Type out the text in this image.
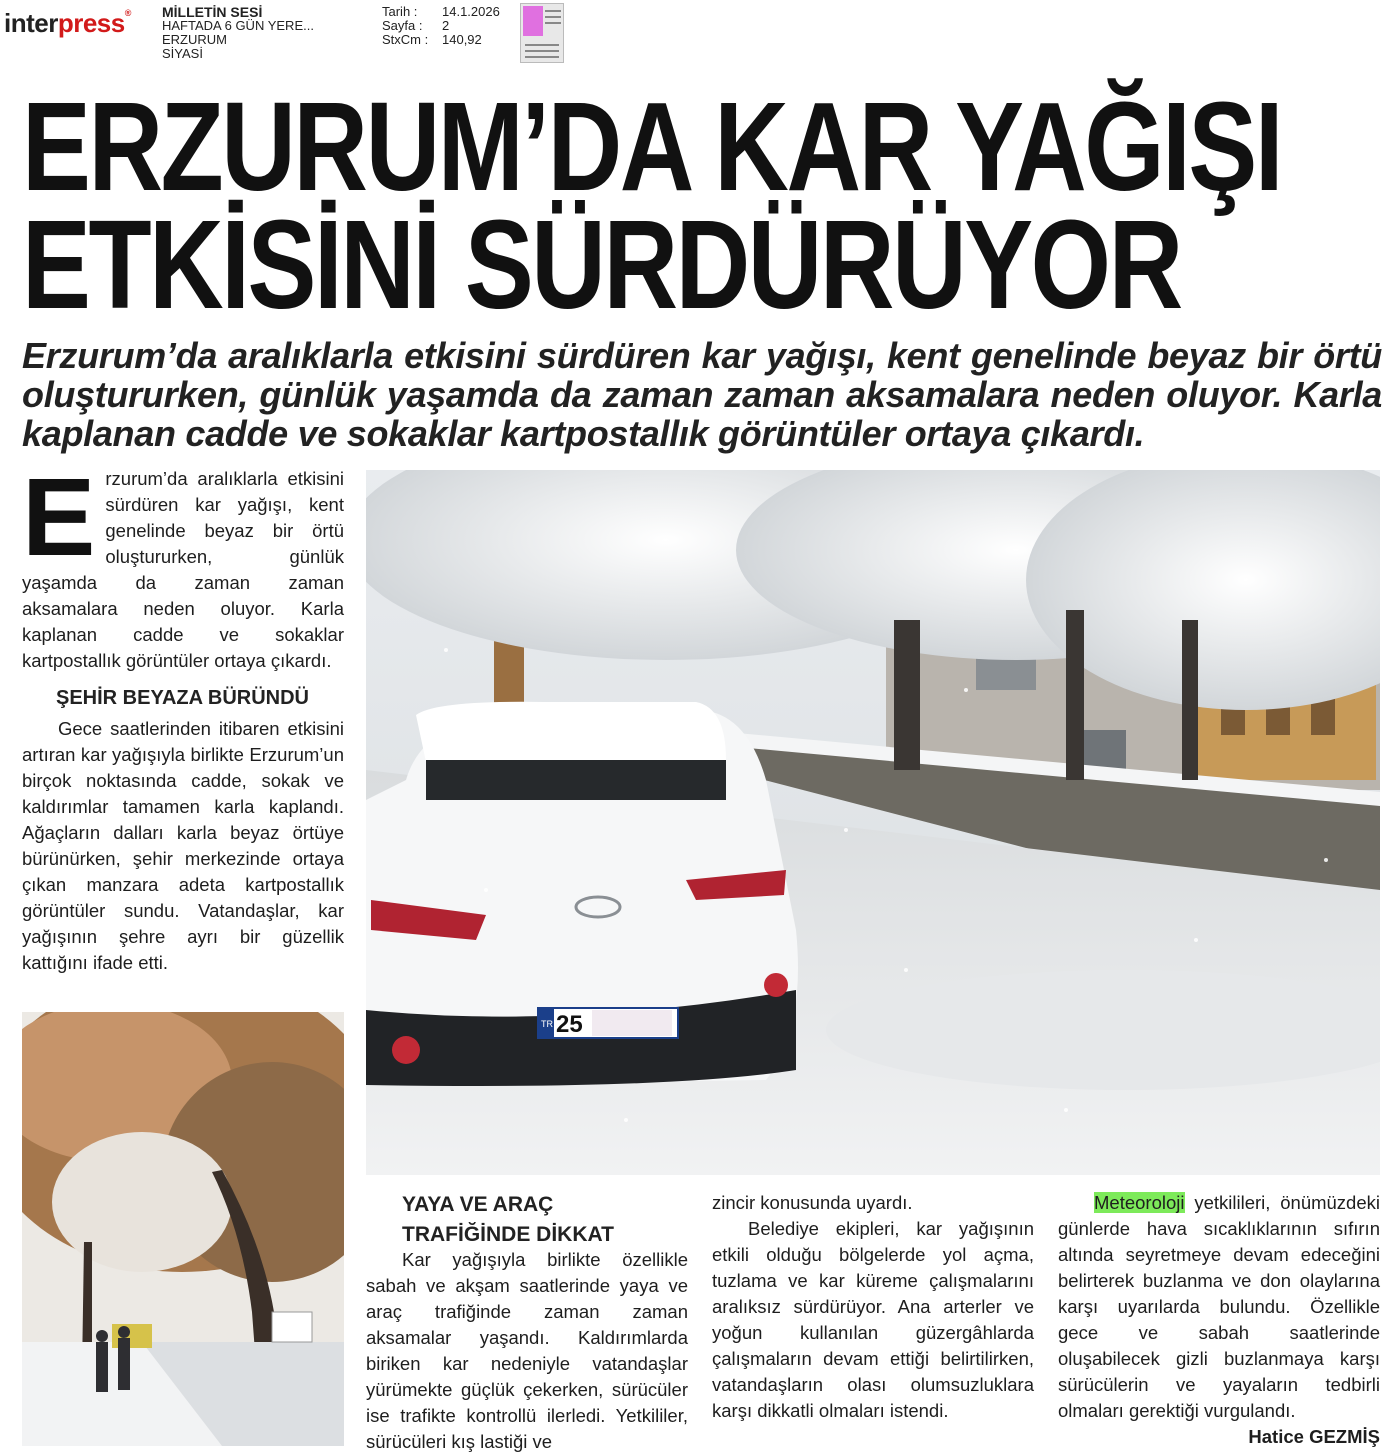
interpress® MİLLETİN SESİ
HAFTADA 6 GÜN YERE...
ERZURUM
SİYASİ
Tarih :	14.1.2026
Sayfa :	2
StxCm :	140,92
ERZURUM’DA KAR YAĞIŞI
ETKİSİNİ SÜRDÜRÜYOR
Erzurum’da aralıklarla etkisini sürdüren kar yağışı, kent genelinde beyaz bir örtü oluştururken, günlük yaşamda da zaman zaman aksamalara neden oluyor. Karla kaplanan cadde ve sokaklar kartpostallık görüntüler ortaya çıkardı.
E rzurum’da aralıklarla etkisini sürdüren kar yağışı, kent genelinde beyaz bir örtü oluştururken, günlük yaşamda da zaman zaman aksamalara neden oluyor. Karla kaplanan cadde ve sokaklar kartpostallık görüntüler ortaya çıkardı.
ŞEHİR BEYAZA BÜRÜNDÜ

Gece saatlerinden itibaren etkisini artıran kar yağışıyla birlikte Erzurum’un birçok noktasında cadde, sokak ve kaldırımlar tamamen karla kaplandı. Ağaçların dalları karla beyaz örtüye bürünürken, şehir merkezinde ortaya çıkan manzara adeta kartpostallık görüntüler sundu. Vatandaşlar, kar yağışının şehre ayrı bir güzellik kattığını ifade etti.

TR 25
YAYA VE ARAÇ
TRAFİĞİNDE DİKKAT

Kar yağışıyla birlikte özellikle sabah ve akşam saatlerinde yaya ve araç trafiğinde zaman zaman aksamalar yaşandı. Kaldırımlarda biriken kar nedeniyle vatandaşlar yürümekte güçlük çekerken, sürücüler ise trafikte kontrollü ilerledi. Yetkililer, sürücüleri kış lastiği ve

zincir konusunda uyardı.

Belediye ekipleri, kar yağışının etkili olduğu bölgelerde yol açma, tuzlama ve kar küreme çalışmalarını aralıksız sürdürüyor. Ana arterler ve yoğun kullanılan güzergâhlarda çalışmaların devam ettiği belirtilirken, vatandaşların olası olumsuzluklara karşı dikkatli olmaları istendi.

Meteoroloji yetkilileri, önümüzdeki günlerde hava sıcaklıklarının sıfırın altında seyretmeye devam edeceğini belirterek buzlanma ve don olaylarına karşı uyarılarda bulundu. Özellikle gece ve sabah saatlerinde oluşabilecek gizli buzlanmaya karşı sürücülerin ve yayaların tedbirli olmaları gerektiği vurgulandı.
Hatice GEZMİŞ
